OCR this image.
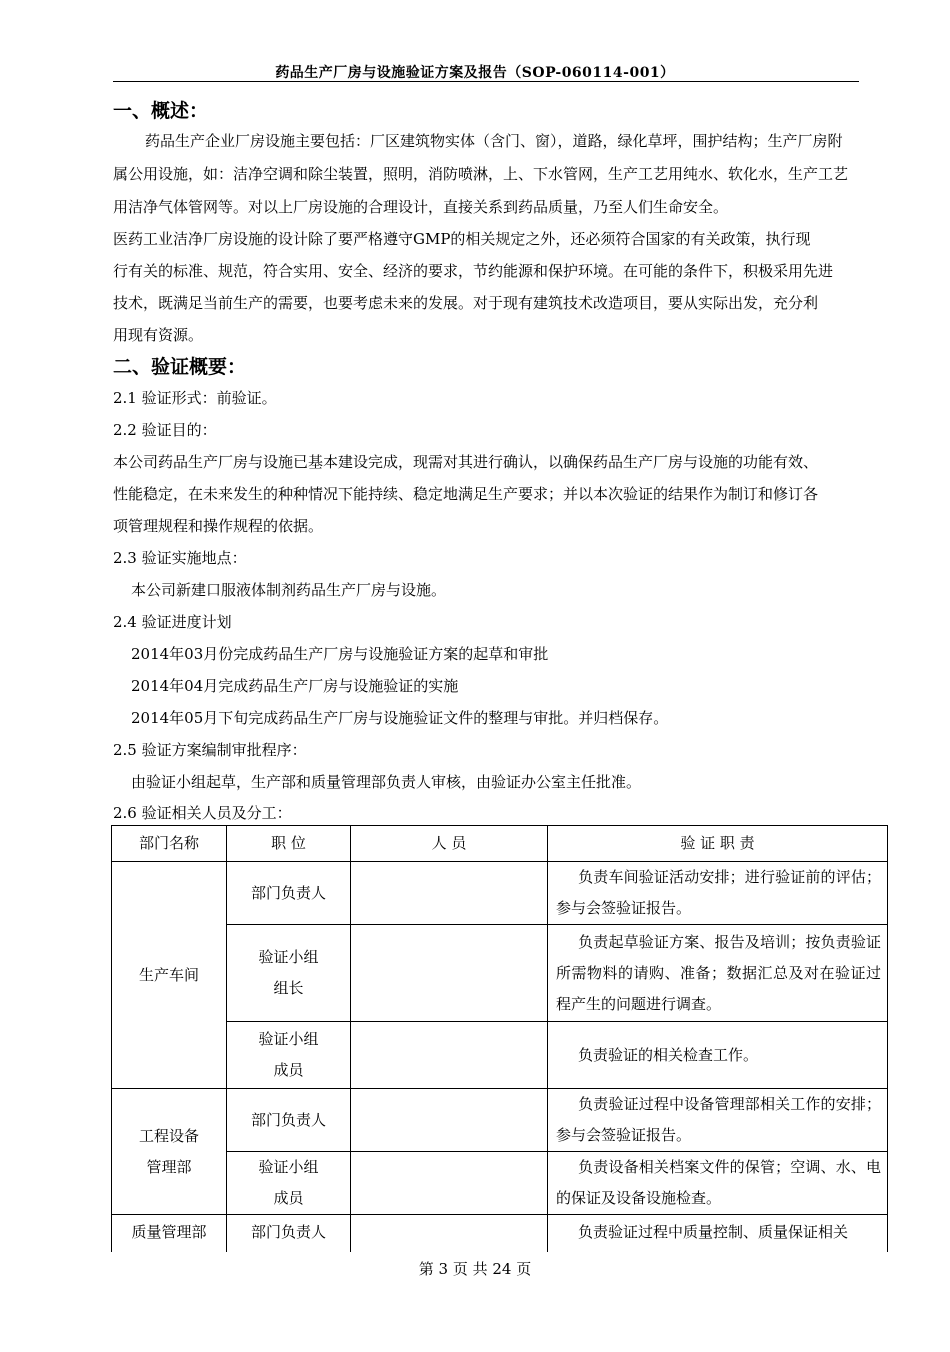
药品生产厂房与设施验证方案及报告（SOP-060114-001）
一、概述：
药品生产企业厂房设施主要包括：厂区建筑物实体（含门、窗），道路，绿化草坪，围护结构；生产厂房附
属公用设施，如：洁净空调和除尘装置，照明，消防喷淋，上、下水管网，生产工艺用纯水、软化水，生产工艺
用洁净气体管网等。对以上厂房设施的合理设计，直接关系到药品质量，乃至人们生命安全。
医药工业洁净厂房设施的设计除了要严格遵守GMP的相关规定之外，还必须符合国家的有关政策，执行现
行有关的标准、规范，符合实用、安全、经济的要求，节约能源和保护环境。在可能的条件下，积极采用先进
技术，既满足当前生产的需要，也要考虑未来的发展。对于现有建筑技术改造项目，要从实际出发，充分利
用现有资源。
二、验证概要：
2.1 验证形式：前验证。
2.2 验证目的：
本公司药品生产厂房与设施已基本建设完成，现需对其进行确认，以确保药品生产厂房与设施的功能有效、
性能稳定，在未来发生的种种情况下能持续、稳定地满足生产要求；并以本次验证的结果作为制订和修订各
项管理规程和操作规程的依据。
2.3 验证实施地点：
本公司新建口服液体制剂药品生产厂房与设施。
2.4 验证进度计划
2014年03月份完成药品生产厂房与设施验证方案的起草和审批
2014年04月完成药品生产厂房与设施验证的实施
2014年05月下旬完成药品生产厂房与设施验证文件的整理与审批。并归档保存。
2.5 验证方案编制审批程序：
由验证小组起草，生产部和质量管理部负责人审核，由验证办公室主任批准。
2.6 验证相关人员及分工：
部门名称	职 位	人 员	验 证 职 责
生产车间	部门负责人		负责车间验证活动安排；进行验证前的评估；参与会签验证报告。
	验证小组
组长		负责起草验证方案、报告及培训；按负责验证所需物料的请购、准备；数据汇总及对在验证过程产生的问题进行调查。
	验证小组
成员		负责验证的相关检查工作。
工程设备
管理部	部门负责人		负责验证过程中设备管理部相关工作的安排；参与会签验证报告。
	验证小组
成员		负责设备相关档案文件的保管；空调、水、电的保证及设备设施检查。
质量管理部	部门负责人		负责验证过程中质量控制、质量保证相关
第 3 页 共 24 页
